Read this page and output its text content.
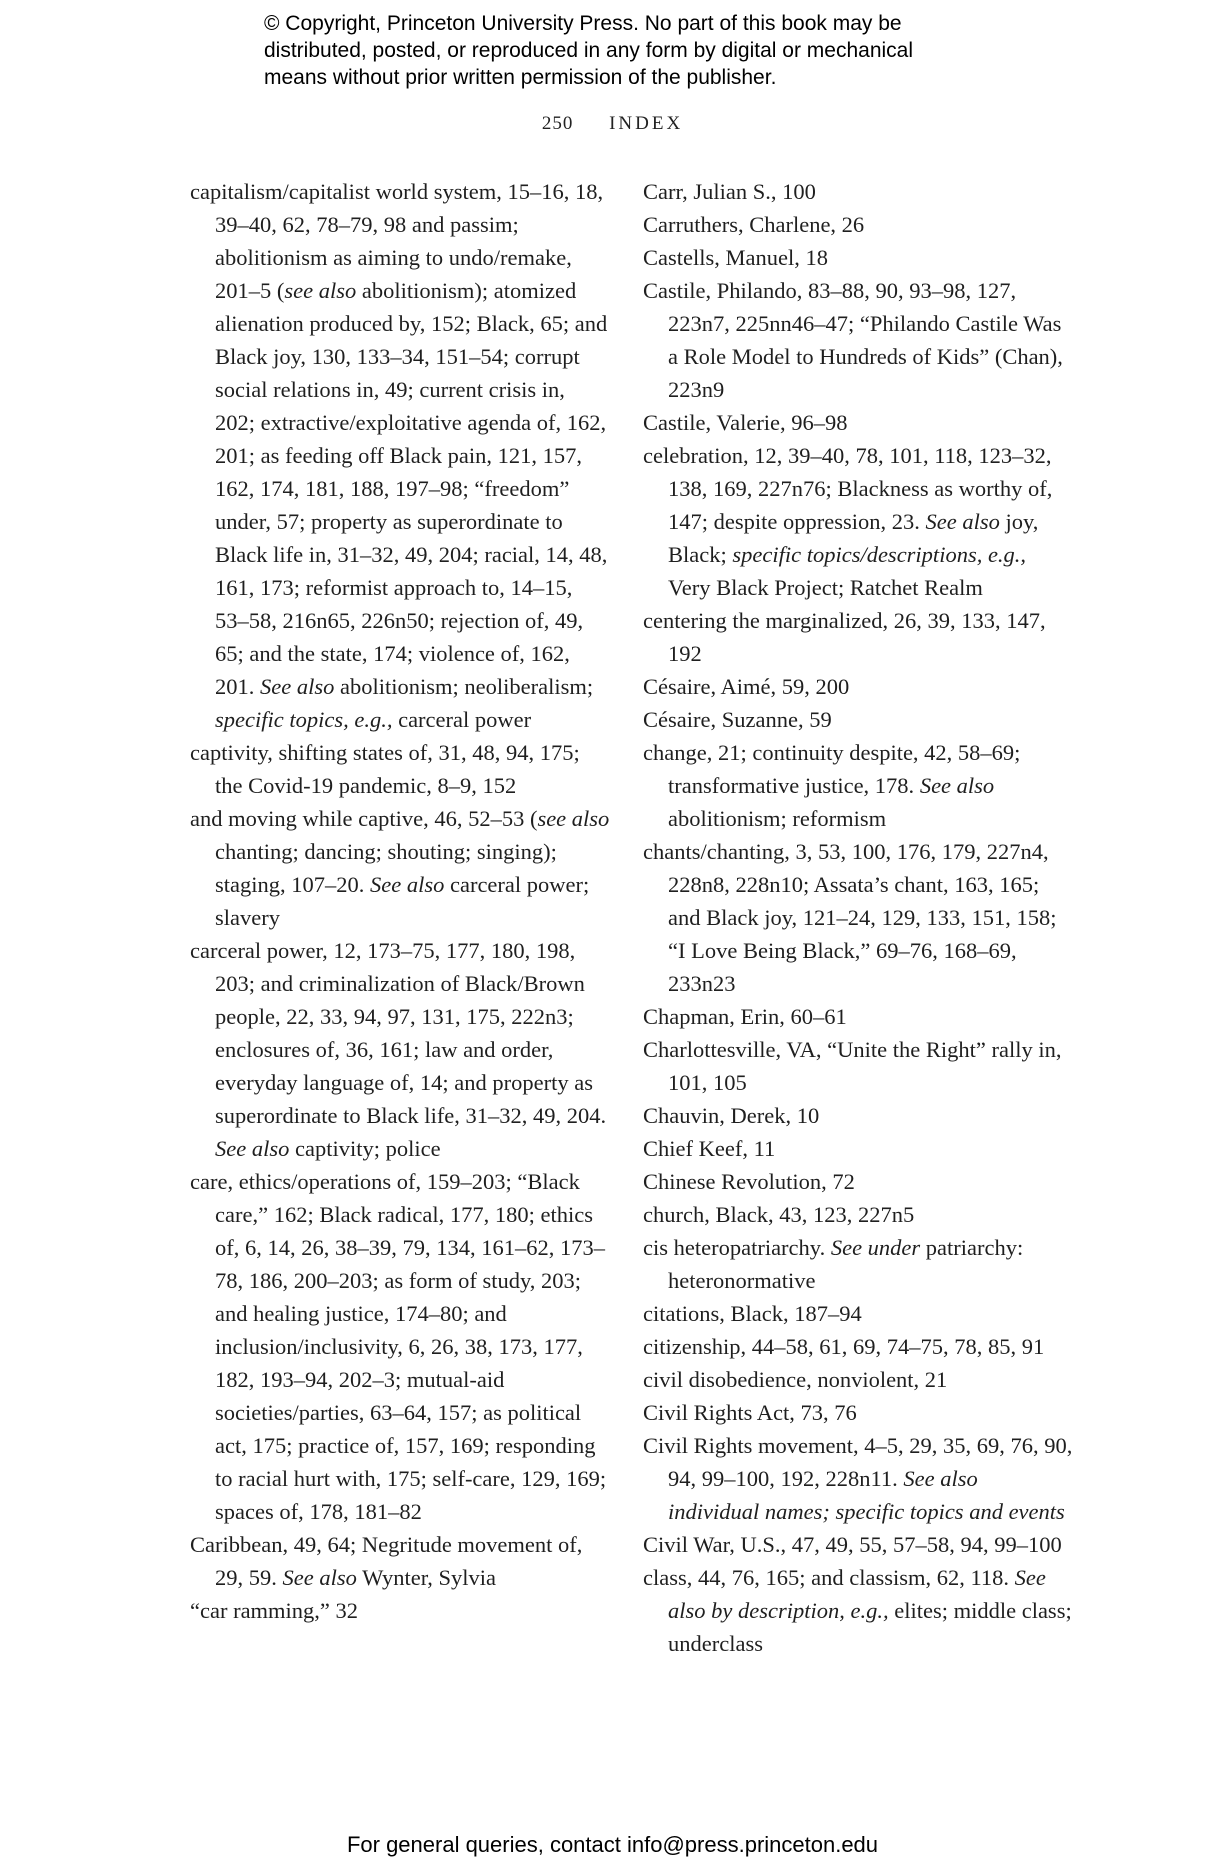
© Copyright, Princeton University Press. No part of this book may be
distributed, posted, or reproduced in any form by digital or mechanical
means without prior written permission of the publisher.
250 INDEX
capitalism/capitalist world system, 15–16, 18, 39–40, 62, 78–79, 98 and passim; abolitionism as aiming to undo/remake, 201–5 (see also abolitionism); atomized alienation produced by, 152; Black, 65; and Black joy, 130, 133–34, 151–54; corrupt social relations in, 49; current crisis in, 202; extractive/exploitative agenda of, 162, 201; as feeding off Black pain, 121, 157, 162, 174, 181, 188, 197–98; “freedom” under, 57; property as superordinate to Black life in, 31–32, 49, 204; racial, 14, 48, 161, 173; reformist approach to, 14–15, 53–58, 216n65, 226n50; rejection of, 49, 65; and the state, 174; violence of, 162, 201. See also abolitionism; neoliberalism; specific topics, e.g., carceral power
captivity, shifting states of, 31, 48, 94, 175; the Covid-19 pandemic, 8–9, 152
and moving while captive, 46, 52–53 (see also chanting; dancing; shouting; singing); staging, 107–20. See also carceral power; slavery
carceral power, 12, 173–75, 177, 180, 198, 203; and criminalization of Black/Brown people, 22, 33, 94, 97, 131, 175, 222n3; enclosures of, 36, 161; law and order, everyday language of, 14; and property as superordinate to Black life, 31–32, 49, 204. See also captivity; police
care, ethics/operations of, 159–203; “Black care,” 162; Black radical, 177, 180; ethics of, 6, 14, 26, 38–39, 79, 134, 161–62, 173–78, 186, 200–203; as form of study, 203; and healing justice, 174–80; and inclusion/inclusivity, 6, 26, 38, 173, 177, 182, 193–94, 202–3; mutual-aid societies/parties, 63–64, 157; as political act, 175; practice of, 157, 169; responding to racial hurt with, 175; self-care, 129, 169; spaces of, 178, 181–82
Caribbean, 49, 64; Negritude movement of, 29, 59. See also Wynter, Sylvia
“car ramming,” 32
Carr, Julian S., 100
Carruthers, Charlene, 26
Castells, Manuel, 18
Castile, Philando, 83–88, 90, 93–98, 127, 223n7, 225nn46–47; “Philando Castile Was a Role Model to Hundreds of Kids” (Chan), 223n9
Castile, Valerie, 96–98
celebration, 12, 39–40, 78, 101, 118, 123–32, 138, 169, 227n76; Blackness as worthy of, 147; despite oppression, 23. See also joy, Black; specific topics/descriptions, e.g., Very Black Project; Ratchet Realm
centering the marginalized, 26, 39, 133, 147, 192
Césaire, Aimé, 59, 200
Césaire, Suzanne, 59
change, 21; continuity despite, 42, 58–69; transformative justice, 178. See also abolitionism; reformism
chants/chanting, 3, 53, 100, 176, 179, 227n4, 228n8, 228n10; Assata’s chant, 163, 165; and Black joy, 121–24, 129, 133, 151, 158; “I Love Being Black,” 69–76, 168–69, 233n23
Chapman, Erin, 60–61
Charlottesville, VA, “Unite the Right” rally in, 101, 105
Chauvin, Derek, 10
Chief Keef, 11
Chinese Revolution, 72
church, Black, 43, 123, 227n5
cis heteropatriarchy. See under patriarchy: heteronormative
citations, Black, 187–94
citizenship, 44–58, 61, 69, 74–75, 78, 85, 91
civil disobedience, nonviolent, 21
Civil Rights Act, 73, 76
Civil Rights movement, 4–5, 29, 35, 69, 76, 90, 94, 99–100, 192, 228n11. See also individual names; specific topics and events
Civil War, U.S., 47, 49, 55, 57–58, 94, 99–100
class, 44, 76, 165; and classism, 62, 118. See also by description, e.g., elites; middle class; underclass
For general queries, contact info@press.princeton.edu
